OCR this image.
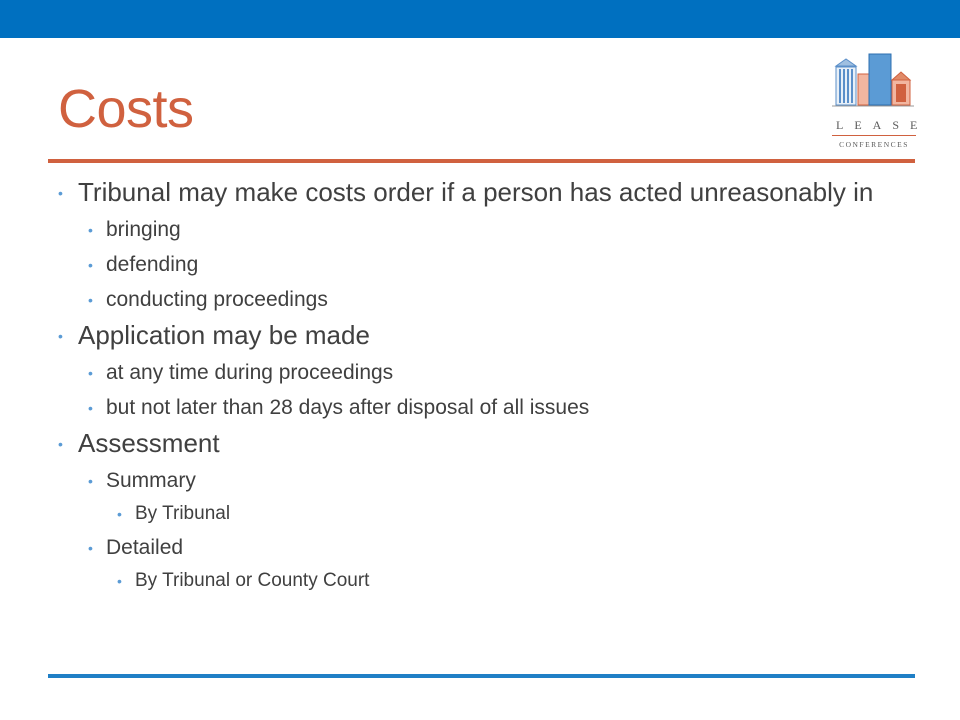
Costs	LEASE
CONFERENCES
• Tribunal may make costs order if a person has acted unreasonably in
• bringing
• defending
• conducting proceedings
• Application may be made
• at any time during proceedings
• but not later than 28 days after disposal of all issues
• Assessment
• Summary
• By Tribunal
• Detailed
• By Tribunal or County Court
